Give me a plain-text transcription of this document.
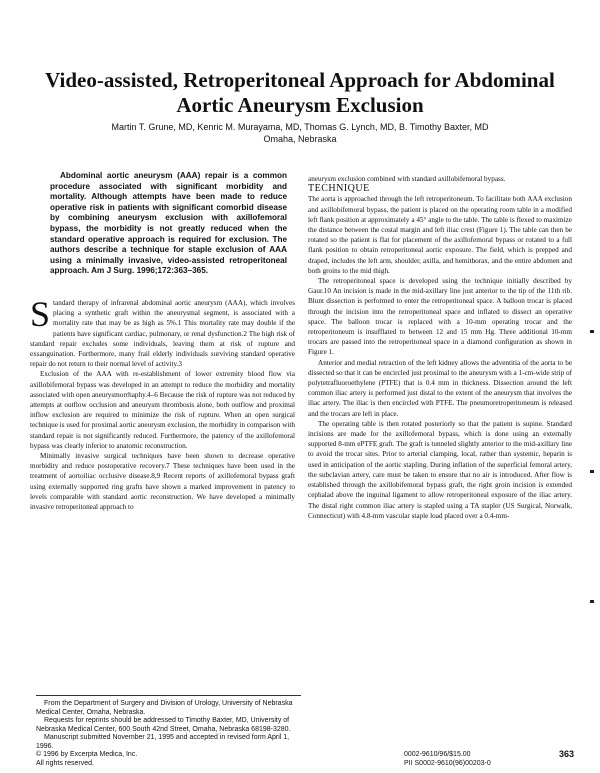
Video-assisted, Retroperitoneal Approach for Abdominal Aortic Aneurysm Exclusion
Martin T. Grune, MD, Kenric M. Murayama, MD, Thomas G. Lynch, MD, B. Timothy Baxter, MD
Omaha, Nebraska

Abdominal aortic aneurysm (AAA) repair is a common procedure associated with significant morbidity and mortality. Although attempts have been made to reduce operative risk in patients with significant comorbid disease by combining aneurysm exclusion with axillofemoral bypass, the morbidity is not greatly reduced when the standard operative approach is required for exclusion. The authors describe a technique for staple exclusion of AAA using a minimally invasive, video-assisted retroperitoneal approach. Am J Surg. 1996;172:363–365.

Standard therapy of infrarenal abdominal aortic aneurysm (AAA), which involves placing a synthetic graft within the aneurysmal segment, is associated with a mortality rate that may be as high as 5%.1 This mortality rate may double if the patients have significant cardiac, pulmonary, or renal dysfunction.2 The high risk of standard repair excludes some individuals, leaving them at risk of rupture and exsanguination. Furthermore, many frail elderly individuals surviving standard operative repair do not return to their normal level of activity.3

Exclusion of the AAA with re-establishment of lower extremity blood flow via axillobifemoral bypass was developed in an attempt to reduce the morbidity and mortality associated with open aneurysmorrhaphy.4–6 Because the risk of rupture was not reduced by attempts at outflow occlusion and aneurysm thrombosis alone, both outflow and proximal inflow exclusion are required to minimize the risk of rupture. When an open surgical technique is used for proximal aortic aneurysm exclusion, the morbidity in comparison with standard repair is not significantly reduced. Furthermore, the patency of the axillofemoral bypass was clearly inferior to anatomic reconstruction.

Minimally invasive surgical techniques have been shown to decrease operative morbidity and reduce postoperative recovery.7 These techniques have been used in the treatment of aortoiliac occlusive disease.8,9 Recent reports of axillofemoral bypass graft using externally supported ring grafts have shown a marked improvement in patency to levels comparable with standard aortic reconstruction. We have developed a minimally invasive retroperitoneal approach to

aneurysm exclusion combined with standard axillobifemoral bypass.

TECHNIQUE

The aorta is approached through the left retroperitoneum. To facilitate both AAA exclusion and axillobifemoral bypass, the patient is placed on the operating room table in a modified left flank position at approximately a 45° angle to the table. The table is flexed to maximize the distance between the costal margin and left iliac crest (Figure 1). The table can then be rotated so the patient is flat for placement of the axillofemoral bypass or rotated to a full flank position to obtain retroperitoneal aortic exposure. The field, which is prepped and draped, includes the left arm, shoulder, axilla, and hemithorax, and the entire abdomen and both groins to the mid thigh.

The retroperitoneal space is developed using the technique initially described by Gaur.10 An incision is made in the mid-axillary line just anterior to the tip of the 11th rib. Blunt dissection is performed to enter the retroperitoneal space. A balloon trocar is placed through the incision into the retroperitoneal space and inflated to dissect an operative space. The balloon trocar is replaced with a 10-mm operating trocar and the retroperitoneum is insufflated to between 12 and 15 mm Hg. Three additional 10-mm trocars are passed into the retroperitoneal space in a diamond configuration as shown in Figure 1.

Anterior and medial retraction of the left kidney allows the adventitia of the aorta to be dissected so that it can be encircled just proximal to the aneurysm with a 1-cm-wide strip of polytetrafluoroethylene (PTFE) that is 0.4 mm in thickness. Dissection around the left common iliac artery is performed just distal to the extent of the aneurysm that involves the iliac artery. The iliac is then encircled with PTFE. The pneumoretroperitoneum is released and the trocars are left in place.

The operating table is then rotated posteriorly so that the patient is supine. Standard incisions are made for the axillofemoral bypass, which is done using an externally supported 8-mm ePTFE graft. The graft is tunneled slightly anterior to the mid-axillary line to avoid the trocar sites. Prior to arterial clamping, local, rather than systemic, heparin is used in anticipation of the aortic stapling. During inflation of the superficial femoral artery, the subclavian artery, care must be taken to ensure that no air is introduced. After flow is established through the axillobifemoral bypass graft, the right groin incision is extended cephalad above the inguinal ligament to allow retroperitoneal exposure of the iliac artery. The distal right common iliac artery is stapled using a TA stapler (US Surgical, Norwalk, Connecticut) with 4.8-mm vascular staple load placed over a 0.4-mm-

From the Department of Surgery and Division of Urology, University of Nebraska Medical Center, Omaha, Nebraska.

Requests for reprints should be addressed to Timothy Baxter, MD, University of Nebraska Medical Center, 600 South 42nd Street, Omaha, Nebraska 68198-3280.

Manuscript submitted November 21, 1995 and accepted in revised form April 1, 1996.

© 1996 by Excerpta Medica, Inc.
All rights reserved.
0002-9610/96/$15.00
PII S0002-9610(96)00203-0
363
